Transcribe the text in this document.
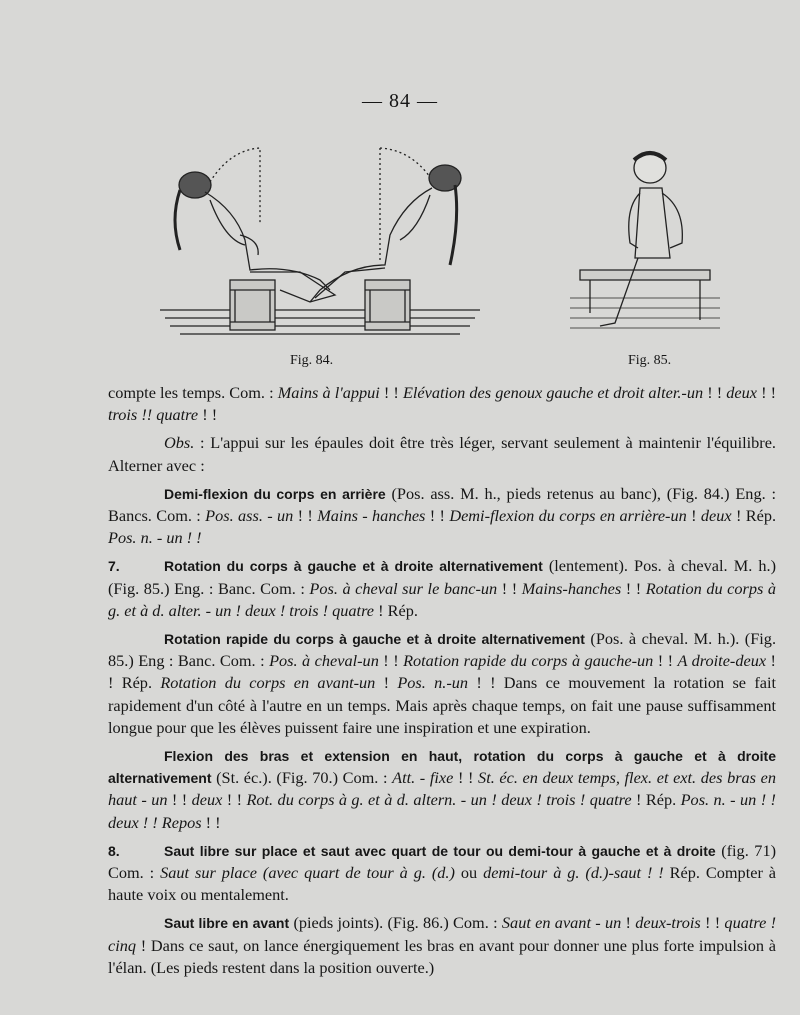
— 84 —
Fig. 84.	Fig. 85.

compte les temps. Com. : Mains à l'appui ! ! Elévation des genoux gauche et droit alter.-un ! ! deux ! ! trois !! quatre ! !

Obs. : L'appui sur les épaules doit être très léger, servant seulement à maintenir l'équilibre. Alterner avec :

Demi-flexion du corps en arrière (Pos. ass. M. h., pieds retenus au banc), (Fig. 84.) Eng. : Bancs. Com. : Pos. ass. - un ! ! Mains - hanches ! ! Demi-flexion du corps en arrière-un ! deux ! Rép. Pos. n. - un ! !

7.	Rotation du corps à gauche et à droite alternativement (lentement). Pos. à cheval. M. h.) (Fig. 85.) Eng. : Banc. Com. : Pos. à cheval sur le banc-un ! ! Mains-hanches ! ! Rotation du corps à g. et à d. alter. - un ! deux ! trois ! quatre ! Rép.

Rotation rapide du corps à gauche et à droite alternativement (Pos. à cheval. M. h.). (Fig. 85.) Eng : Banc. Com. : Pos. à cheval-un ! ! Rotation rapide du corps à gauche-un ! ! A droite-deux ! ! Rép. Rotation du corps en avant-un ! Pos. n.-un ! ! Dans ce mouvement la rotation se fait rapidement d'un côté à l'autre en un temps. Mais après chaque temps, on fait une pause suffisamment longue pour que les élèves puissent faire une inspiration et une expiration.

Flexion des bras et extension en haut, rotation du corps à gauche et à droite alternativement (St. éc.). (Fig. 70.) Com. : Att. - fixe ! ! St. éc. en deux temps, flex. et ext. des bras en haut - un ! ! deux ! ! Rot. du corps à g. et à d. altern. - un ! deux ! trois ! quatre ! Rép. Pos. n. - un ! ! deux ! ! Repos ! !

8.	Saut libre sur place et saut avec quart de tour ou demi-tour à gauche et à droite (fig. 71) Com. : Saut sur place (avec quart de tour à g. (d.) ou demi-tour à g. (d.)-saut ! ! Rép. Compter à haute voix ou mentalement.

Saut libre en avant (pieds joints). (Fig. 86.) Com. : Saut en avant - un ! deux-trois ! ! quatre ! cinq ! Dans ce saut, on lance énergiquement les bras en avant pour donner une plus forte impulsion à l'élan. (Les pieds restent dans la position ouverte.)
